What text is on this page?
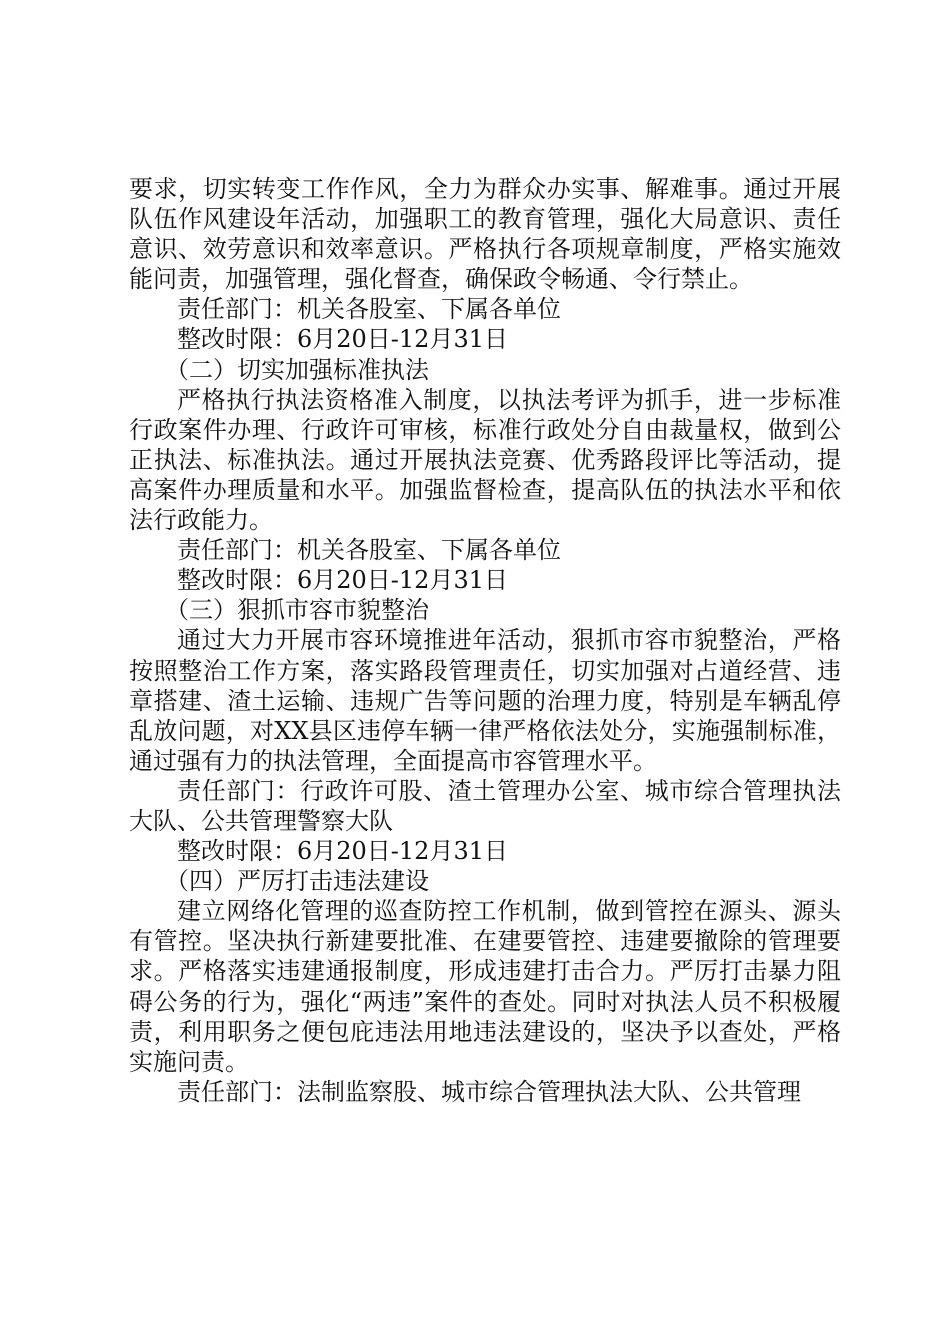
要求，切实转变工作作风，全力为群众办实事、解难事。通过开展队伍作风建设年活动，加强职工的教育管理，强化大局意识、责任意识、效劳意识和效率意识。严格执行各项规章制度，严格实施效能问责，加强管理，强化督查，确保政令畅通、令行禁止。

责任部门：机关各股室、下属各单位

整改时限：6月20日-12月31日

（二）切实加强标准执法

严格执行执法资格准入制度，以执法考评为抓手，进一步标准行政案件办理、行政许可审核，标准行政处分自由裁量权，做到公正执法、标准执法。通过开展执法竞赛、优秀路段评比等活动，提高案件办理质量和水平。加强监督检查，提高队伍的执法水平和依法行政能力。

责任部门：机关各股室、下属各单位

整改时限：6月20日-12月31日

（三）狠抓市容市貌整治

通过大力开展市容环境推进年活动，狠抓市容市貌整治，严格按照整治工作方案，落实路段管理责任，切实加强对占道经营、违章搭建、渣土运输、违规广告等问题的治理力度，特别是车辆乱停乱放问题，对XX县区违停车辆一律严格依法处分，实施强制标准，通过强有力的执法管理，全面提高市容管理水平。

责任部门：行政许可股、渣土管理办公室、城市综合管理执法大队、公共管理警察大队

整改时限：6月20日-12月31日

（四）严厉打击违法建设

建立网络化管理的巡查防控工作机制，做到管控在源头、源头有管控。坚决执行新建要批准、在建要管控、违建要撤除的管理要求。严格落实违建通报制度，形成违建打击合力。严厉打击暴力阻碍公务的行为，强化“两违”案件的查处。同时对执法人员不积极履责，利用职务之便包庇违法用地违法建设的，坚决予以查处，严格实施问责。

责任部门：法制监察股、城市综合管理执法大队、公共管理
